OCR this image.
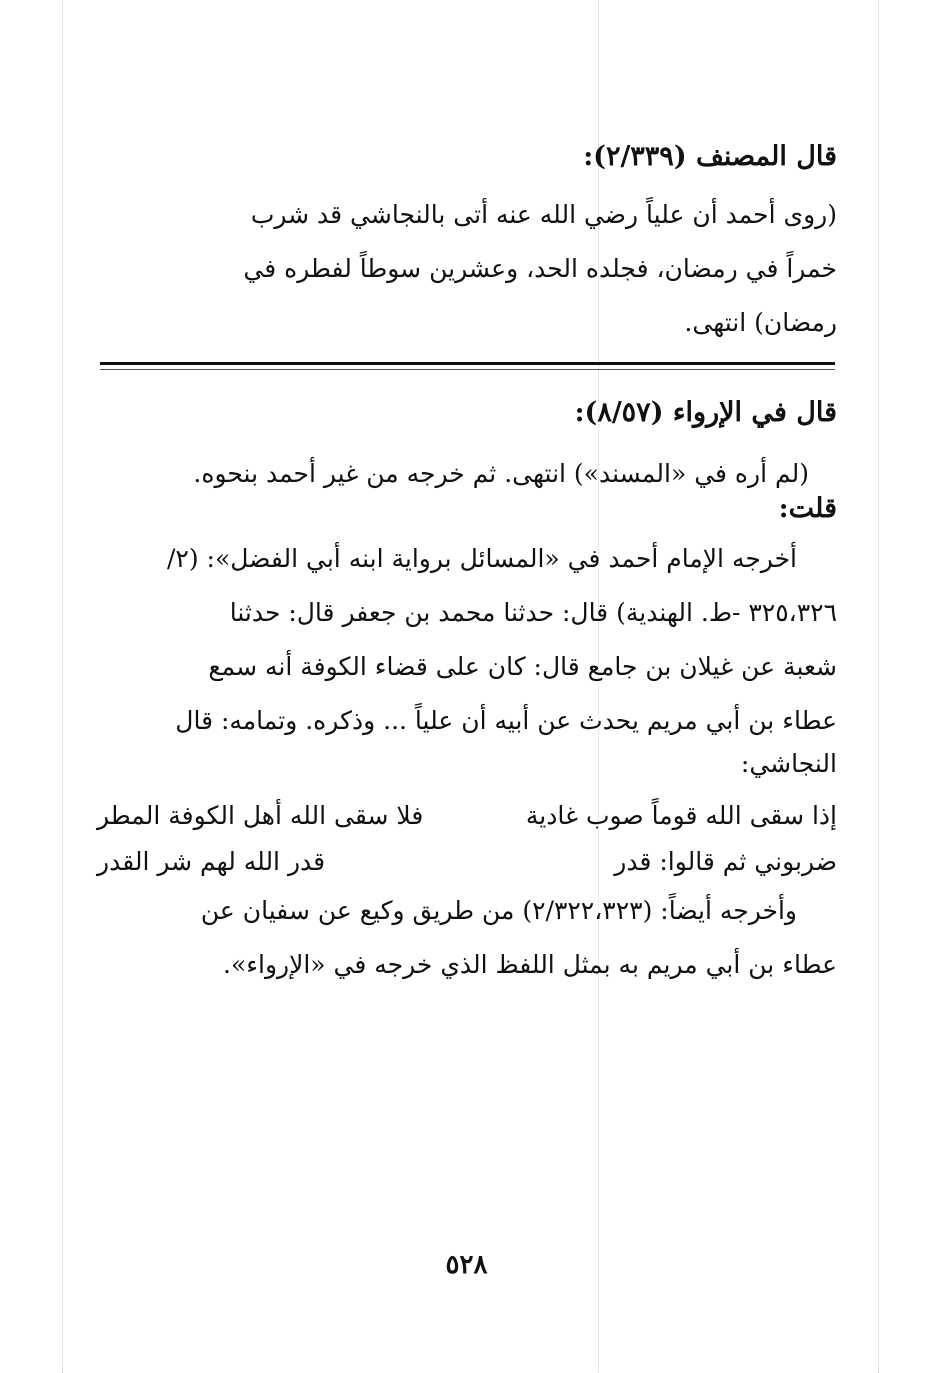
قال المصنف (٢/٣٣٩):
(روى أحمد أن علياً رضي الله عنه أتى بالنجاشي قد شرب
خمراً في رمضان، فجلده الحد، وعشرين سوطاً لفطره في
رمضان) انتهى.
قال في الإرواء (٨/٥٧):
(لم أره في «المسند») انتهى. ثم خرجه من غير أحمد بنحوه.
قلت:
أخرجه الإمام أحمد في «المسائل برواية ابنه أبي الفضل»: (٢/
٣٢٥،٣٢٦ -ط. الهندية) قال: حدثنا محمد بن جعفر قال: حدثنا
شعبة عن غيلان بن جامع قال: كان على قضاء الكوفة أنه سمع
عطاء بن أبي مريم يحدث عن أبيه أن علياً ... وذكره. وتمامه: قال
النجاشي:
إذا سقى الله قوماً صوب غادية
فلا سقى الله أهل الكوفة المطر
ضربوني ثم قالوا: قدر
قدر الله لهم شر القدر
وأخرجه أيضاً: (٢/٣٢٢،٣٢٣) من طريق وكيع عن سفيان عن
عطاء بن أبي مريم به بمثل اللفظ الذي خرجه في «الإرواء».
٥٢٨
